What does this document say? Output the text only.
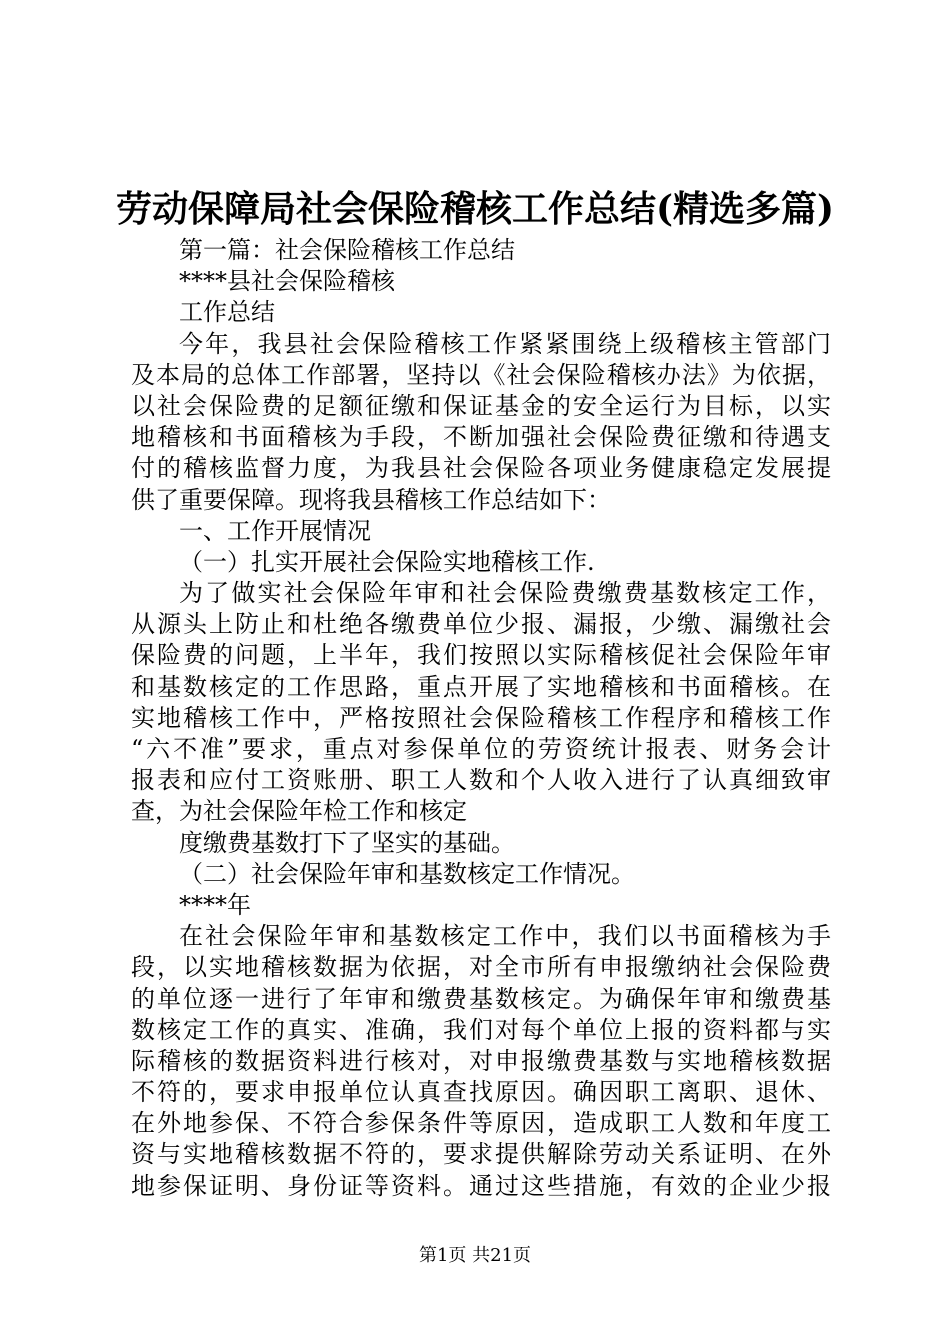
劳动保障局社会保险稽核工作总结(精选多篇)
第一篇：社会保险稽核工作总结
****县社会保险稽核
工作总结
今年，我县社会保险稽核工作紧紧围绕上级稽核主管部门
及本局的总体工作部署，坚持以《社会保险稽核办法》为依据，
以社会保险费的足额征缴和保证基金的安全运行为目标，以实
地稽核和书面稽核为手段，不断加强社会保险费征缴和待遇支
付的稽核监督力度，为我县社会保险各项业务健康稳定发展提
供了重要保障。现将我县稽核工作总结如下：
一、工作开展情况
（一）扎实开展社会保险实地稽核工作.
为了做实社会保险年审和社会保险费缴费基数核定工作，
从源头上防止和杜绝各缴费单位少报、漏报，少缴、漏缴社会
保险费的问题，上半年，我们按照以实际稽核促社会保险年审
和基数核定的工作思路，重点开展了实地稽核和书面稽核。在
实地稽核工作中，严格按照社会保险稽核工作程序和稽核工作
“六不准”要求，重点对参保单位的劳资统计报表、财务会计
报表和应付工资账册、职工人数和个人收入进行了认真细致审
查，为社会保险年检工作和核定
度缴费基数打下了坚实的基础。
（二）社会保险年审和基数核定工作情况。
****年
在社会保险年审和基数核定工作中，我们以书面稽核为手
段，以实地稽核数据为依据，对全市所有申报缴纳社会保险费
的单位逐一进行了年审和缴费基数核定。为确保年审和缴费基
数核定工作的真实、准确，我们对每个单位上报的资料都与实
际稽核的数据资料进行核对，对申报缴费基数与实地稽核数据
不符的，要求申报单位认真查找原因。确因职工离职、退休、
在外地参保、不符合参保条件等原因，造成职工人数和年度工
资与实地稽核数据不符的，要求提供解除劳动关系证明、在外
地参保证明、身份证等资料。通过这些措施，有效的企业少报
第1页 共21页
